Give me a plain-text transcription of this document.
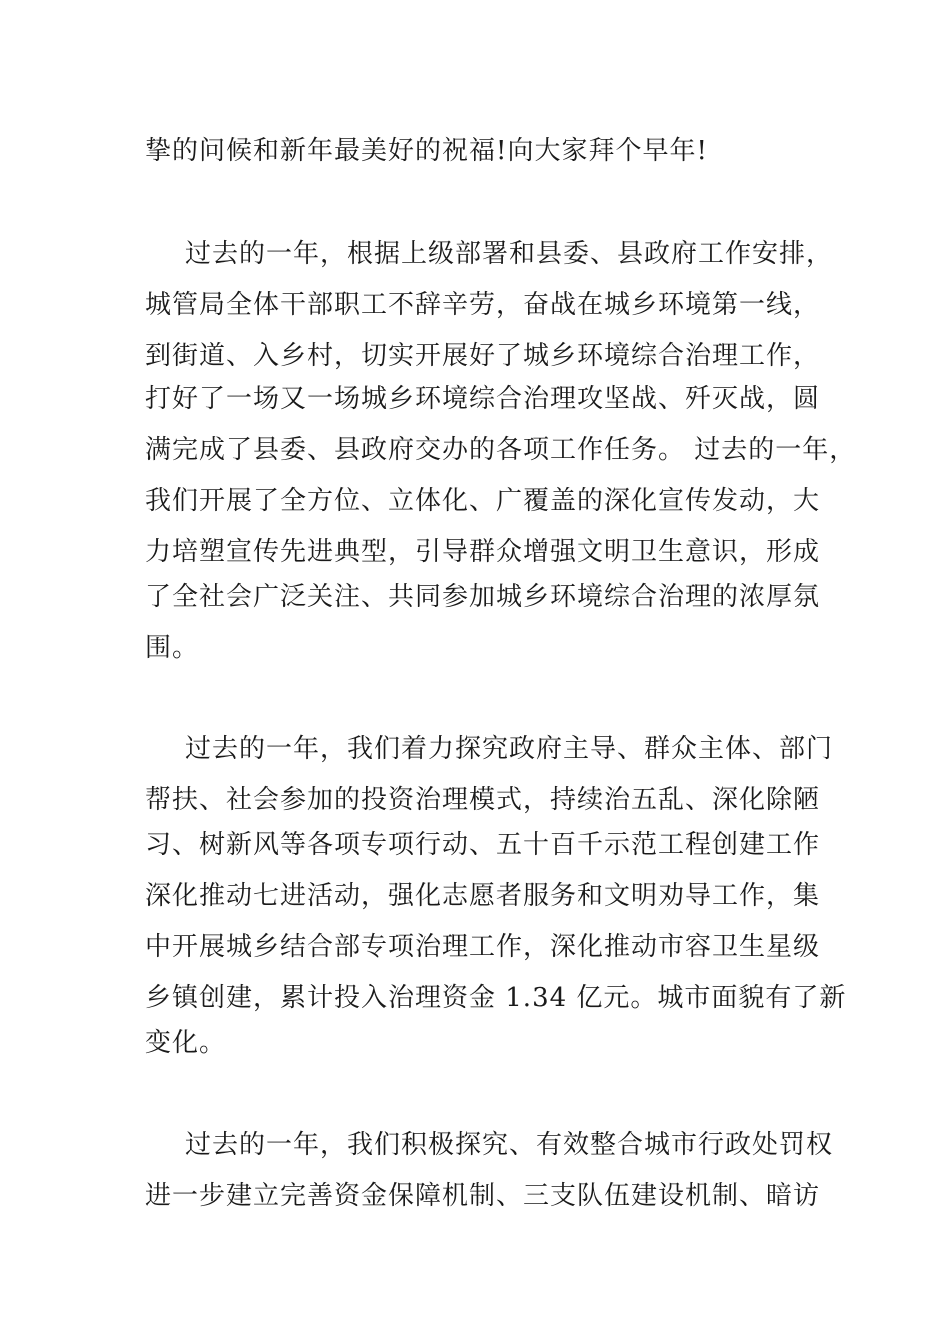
挚的问候和新年最美好的祝福!向大家拜个早年!

过去的一年，根据上级部署和县委、县政府工作安排，

城管局全体干部职工不辞辛劳，奋战在城乡环境第一线，

到街道、入乡村，切实开展好了城乡环境综合治理工作，

打好了一场又一场城乡环境综合治理攻坚战、歼灭战，圆

满完成了县委、县政府交办的各项工作任务。 过去的一年，

我们开展了全方位、立体化、广覆盖的深化宣传发动，大

力培塑宣传先进典型，引导群众增强文明卫生意识，形成

了全社会广泛关注、共同参加城乡环境综合治理的浓厚氛

围。

过去的一年，我们着力探究政府主导、群众主体、部门

帮扶、社会参加的投资治理模式，持续治五乱、深化除陋

习、树新风等各项专项行动、五十百千示范工程创建工作

深化推动七进活动，强化志愿者服务和文明劝导工作，集

中开展城乡结合部专项治理工作，深化推动市容卫生星级

乡镇创建，累计投入治理资金 1.34 亿元。城市面貌有了新

变化。

过去的一年，我们积极探究、有效整合城市行政处罚权

进一步建立完善资金保障机制、三支队伍建设机制、暗访
